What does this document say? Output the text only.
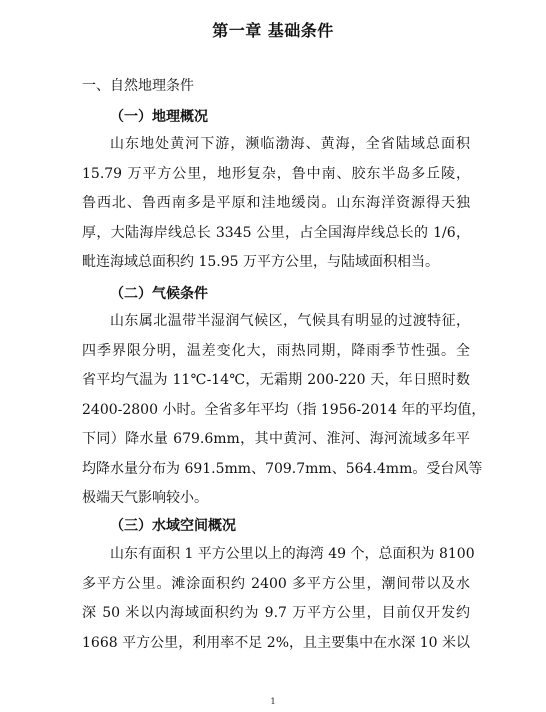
第一章 基础条件
一、自然地理条件
（一）地理概况
山东地处黄河下游，濒临渤海、黄海，全省陆域总面积
15.79 万平方公里，地形复杂，鲁中南、胶东半岛多丘陵，
鲁西北、鲁西南多是平原和洼地缓岗。山东海洋资源得天独
厚，大陆海岸线总长 3345 公里，占全国海岸线总长的 1/6，
毗连海域总面积约 15.95 万平方公里，与陆域面积相当。
（二）气候条件
山东属北温带半湿润气候区，气候具有明显的过渡特征，
四季界限分明，温差变化大，雨热同期，降雨季节性强。全
省平均气温为 11℃-14℃，无霜期 200-220 天，年日照时数
2400-2800 小时。全省多年平均（指 1956-2014 年的平均值，
下同）降水量 679.6mm，其中黄河、淮河、海河流域多年平
均降水量分布为 691.5mm、709.7mm、564.4mm。受台风等
极端天气影响较小。
（三）水域空间概况
山东有面积 1 平方公里以上的海湾 49 个，总面积为 8100
多平方公里。滩涂面积约 2400 多平方公里，潮间带以及水
深 50 米以内海域面积约为 9.7 万平方公里，目前仅开发约
1668 平方公里，利用率不足 2%，且主要集中在水深 10 米以
1
